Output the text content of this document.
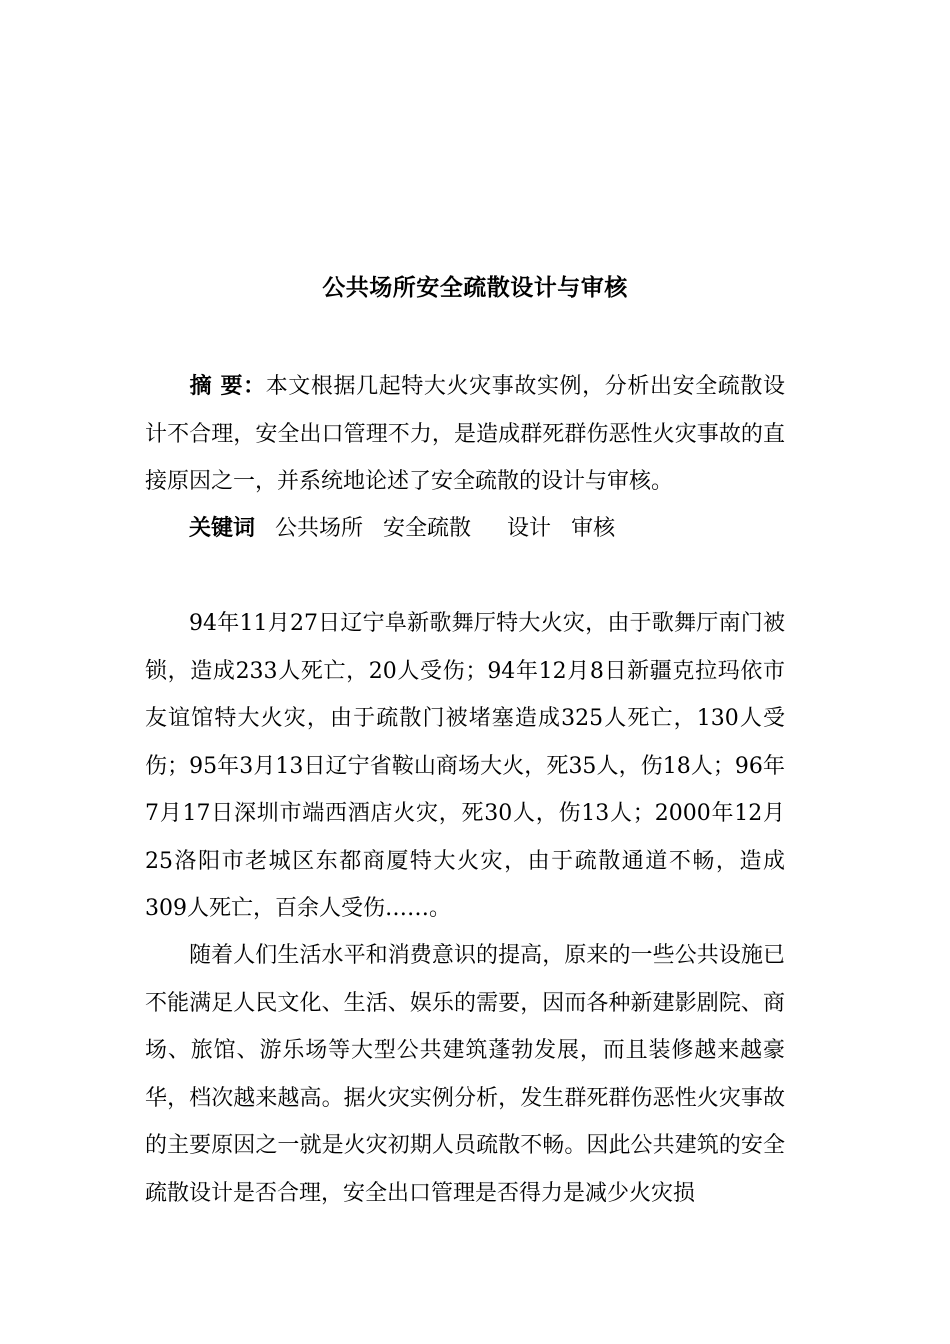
公共场所安全疏散设计与审核

摘 要：本文根据几起特大火灾事故实例，分析出安全疏散设计不合理，安全出口管理不力，是造成群死群伤恶性火灾事故的直接原因之一，并系统地论述了安全疏散的设计与审核。

关键词 公共场所 安全疏散 设计 审核

94年11月27日辽宁阜新歌舞厅特大火灾，由于歌舞厅南门被锁，造成233人死亡，20人受伤；94年12月8日新疆克拉玛依市友谊馆特大火灾，由于疏散门被堵塞造成325人死亡，130人受伤；95年3月13日辽宁省鞍山商场大火，死35人，伤18人；96年7月17日深圳市端西酒店火灾，死30人，伤13人；2000年12月25洛阳市老城区东都商厦特大火灾，由于疏散通道不畅，造成309人死亡，百余人受伤……。

随着人们生活水平和消费意识的提高，原来的一些公共设施已不能满足人民文化、生活、娱乐的需要，因而各种新建影剧院、商场、旅馆、游乐场等大型公共建筑蓬勃发展，而且装修越来越豪华，档次越来越高。据火灾实例分析，发生群死群伤恶性火灾事故的主要原因之一就是火灾初期人员疏散不畅。因此公共建筑的安全疏散设计是否合理，安全出口管理是否得力是减少火灾损
